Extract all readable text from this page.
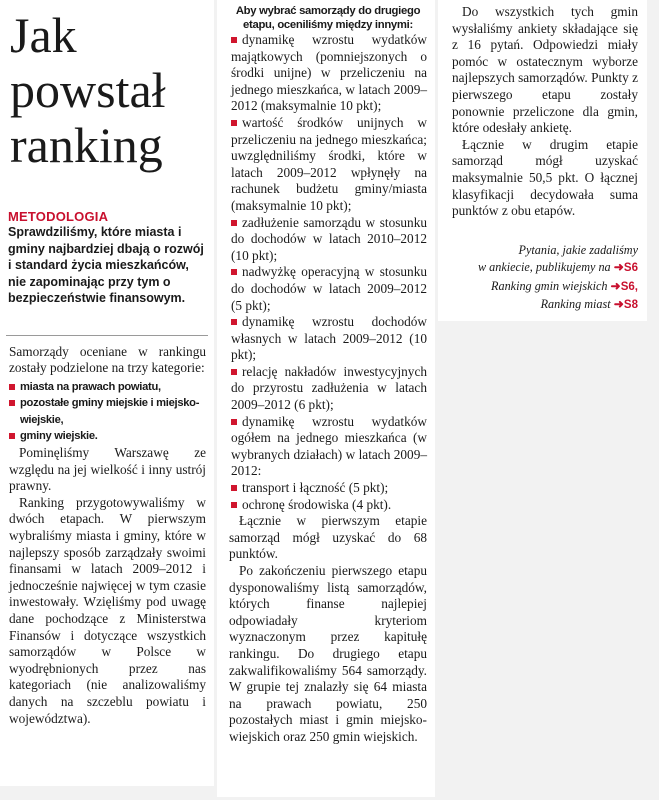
Jak
powstał
ranking
METODOLOGIA
Sprawdziliśmy, które miasta i gminy najbardziej dbają o rozwój i standard życia mieszkańców, nie zapominając przy tym o bezpieczeństwie finansowym.

Samorządy oceniane w rankingu zostały podzielone na trzy kategorie:

miasta na prawach powiatu,
pozostałe gminy miejskie i miejsko-wiejskie,
gminy wiejskie.

Pominęliśmy Warszawę ze względu na jej wielkość i inny ustrój prawny.

Ranking przygotowywaliśmy w dwóch etapach. W pierwszym wybraliśmy miasta i gminy, które w najlepszy sposób zarządzały swoimi finansami w latach 2009–2012 i jednocześnie najwięcej w tym czasie inwestowały. Wzięliśmy pod uwagę dane pochodzące z Ministerstwa Finansów i dotyczące wszystkich samorządów w Polsce w wyodrębnionych przez nas kategoriach (nie analizowaliśmy danych na szczeblu powiatu i województwa).

Aby wybrać samorządy do drugiego etapu, oceniliśmy między innymi:
dynamikę wzrostu wydatków majątkowych (pomniejszonych o środki unijne) w przeliczeniu na jednego mieszkańca, w latach 2009–2012 (maksymalnie 10 pkt);
wartość środków unijnych w przeliczeniu na jednego mieszkańca; uwzględniliśmy środki, które w latach 2009–2012 wpłynęły na rachunek budżetu gminy/miasta (maksymalnie 10 pkt);
zadłużenie samorządu w stosunku do dochodów w latach 2010–2012 (10 pkt);
nadwyżkę operacyjną w stosunku do dochodów w latach 2009–2012 (5 pkt);
dynamikę wzrostu dochodów własnych w latach 2009–2012 (10 pkt);
relację nakładów inwestycyjnych do przyrostu zadłużenia w latach 2009–2012 (6 pkt);
dynamikę wzrostu wydatków ogółem na jednego mieszkańca (w wybranych działach) w latach 2009–2012:
transport i łączność (5 pkt);
ochronę środowiska (4 pkt).

Łącznie w pierwszym etapie samorząd mógł uzyskać do 68 punktów.

Po zakończeniu pierwszego etapu dysponowaliśmy listą samorządów, których finanse najlepiej odpowiadały kryteriom wyznaczonym przez kapitułę rankingu. Do drugiego etapu zakwalifikowaliśmy 564 samorządy. W grupie tej znalazły się 64 miasta na prawach powiatu, 250 pozostałych miast i gmin miejsko-wiejskich oraz 250 gmin wiejskich.

Do wszystkich tych gmin wysłaliśmy ankiety składające się z 16 pytań. Odpowiedzi miały pomóc w ostatecznym wyborze najlepszych samorządów. Punkty z pierwszego etapu zostały ponownie przeliczone dla gmin, które odesłały ankietę.

Łącznie w drugim etapie samorząd mógł uzyskać maksymalnie 50,5 pkt. O łącznej klasyfikacji decydowała suma punktów z obu etapów.

Pytania, jakie zadaliśmy
w ankiecie, publikujemy na ➜S6
Ranking gmin wiejskich ➜S6,
Ranking miast ➜S8
